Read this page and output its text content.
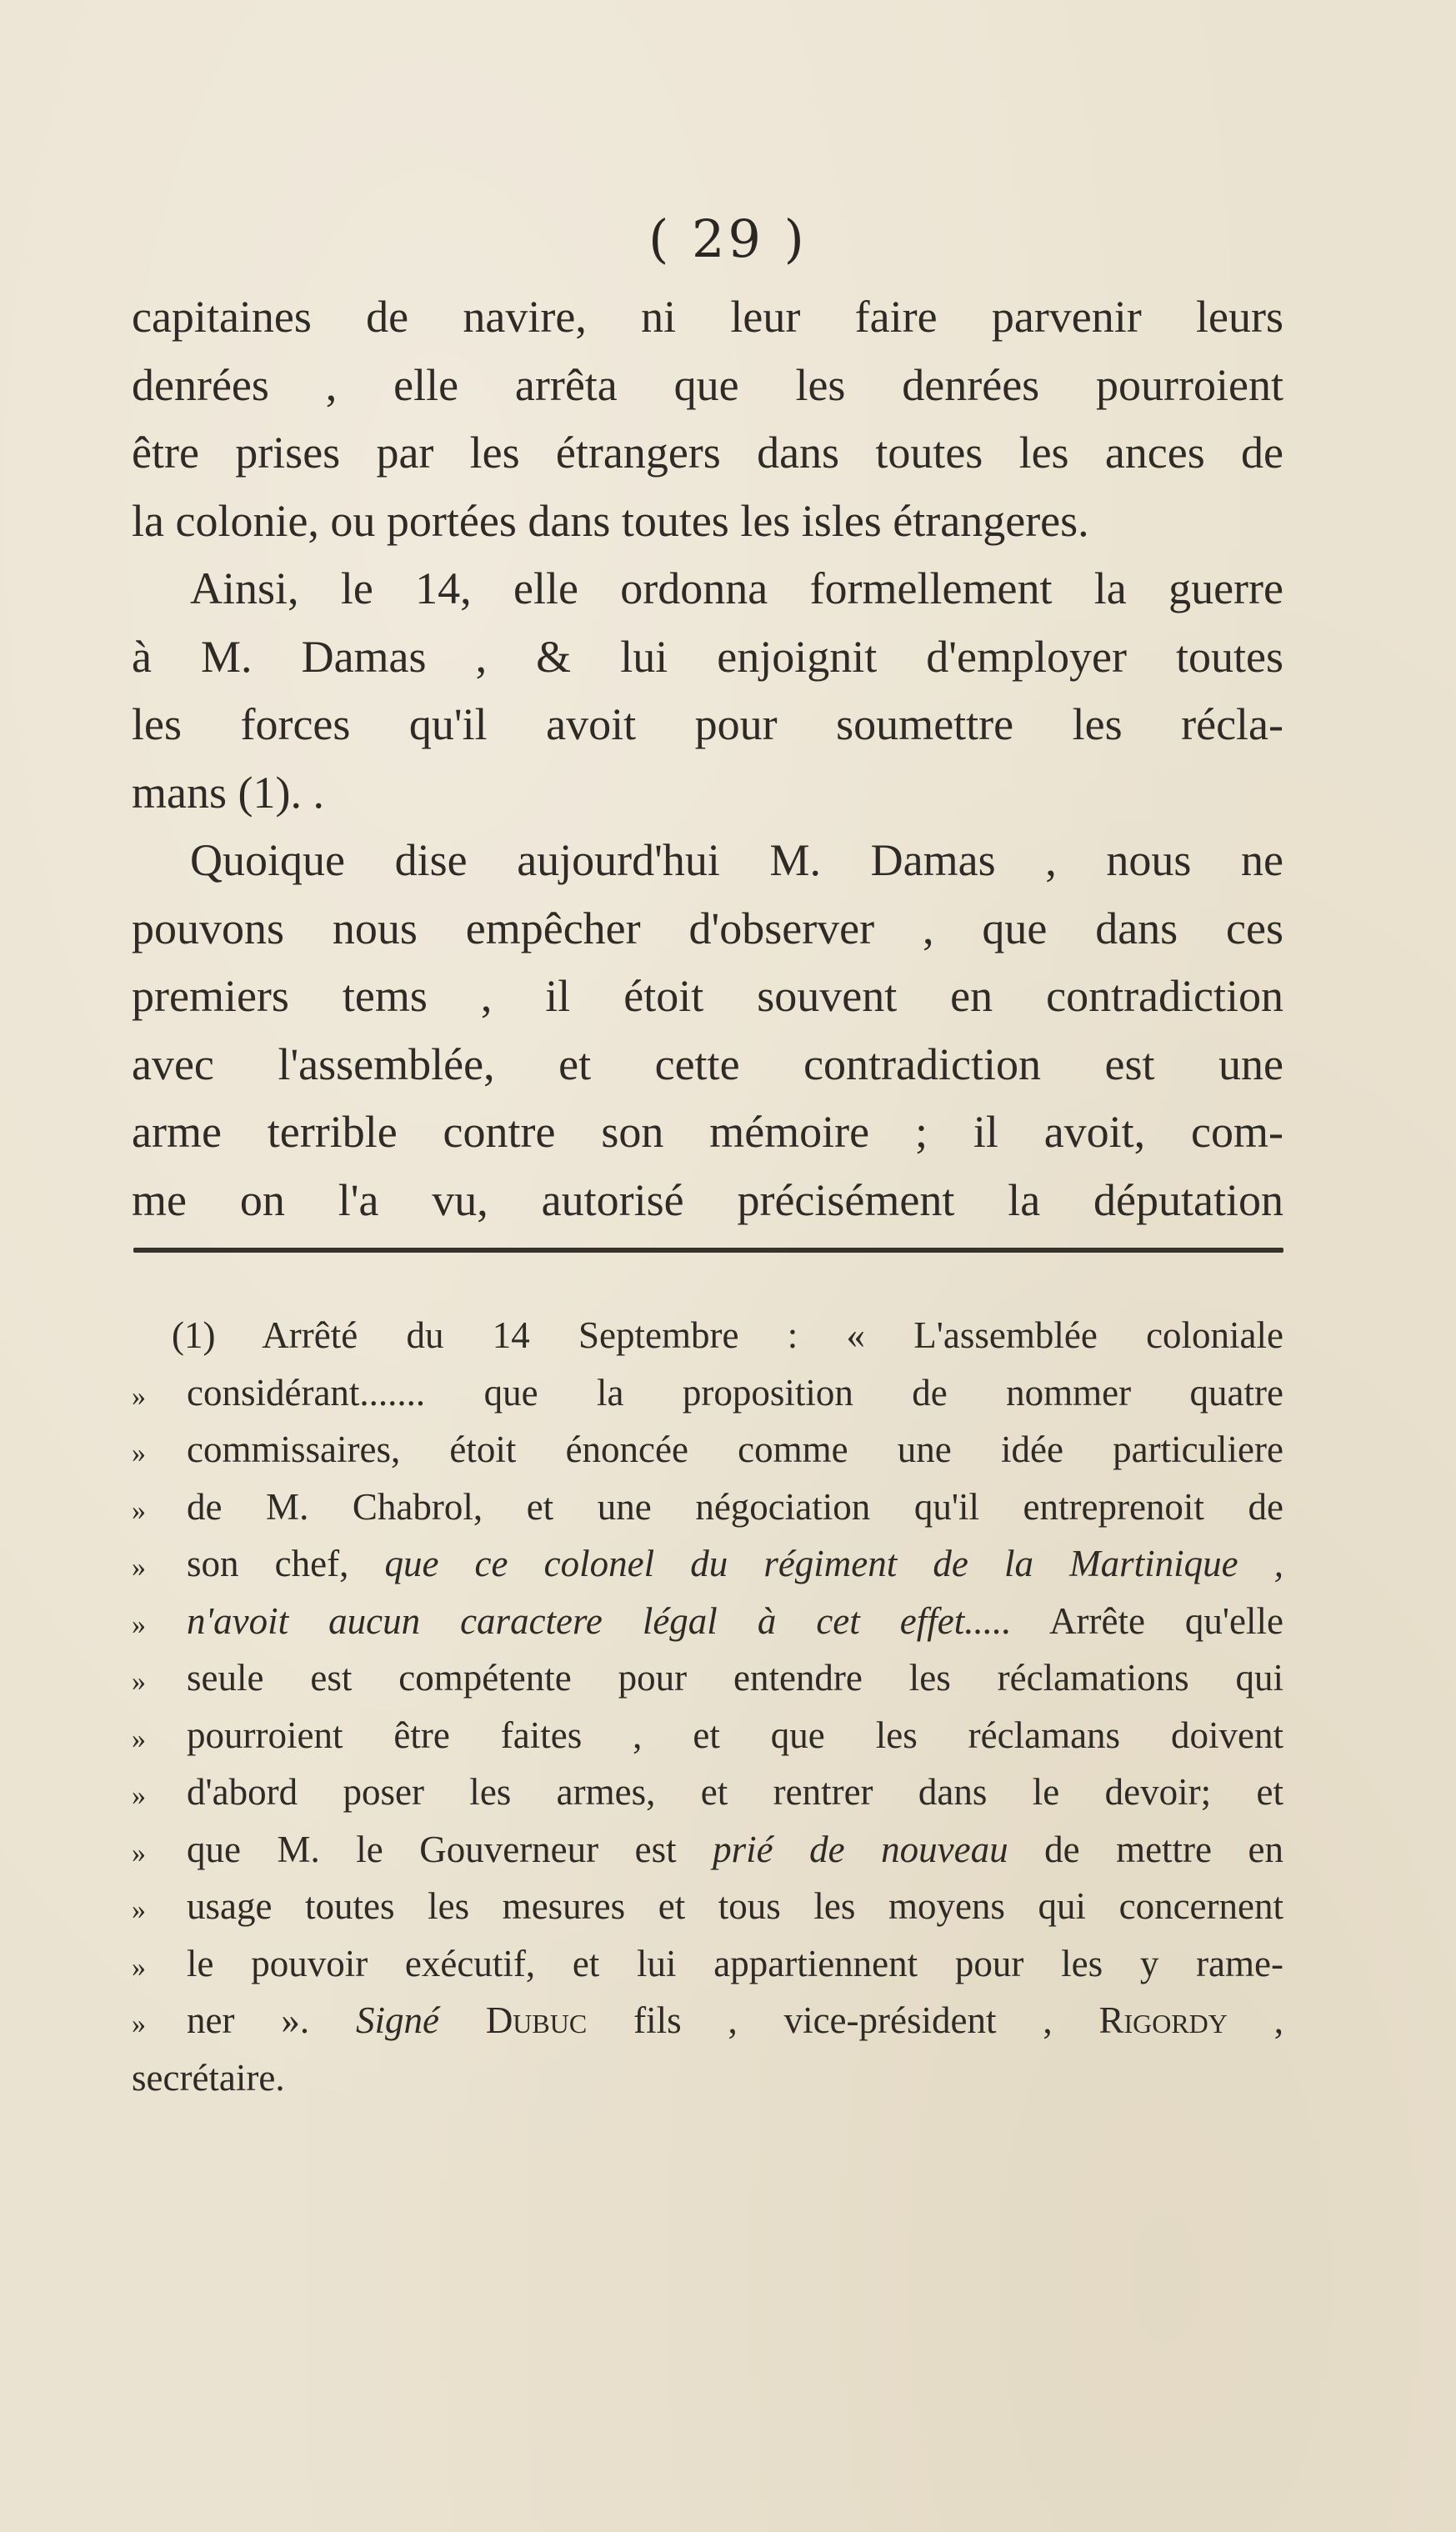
( 29 )
capitaines de navire, ni leur faire parvenir leurs
denrées , elle arrêta que les denrées pourroient
être prises par les étrangers dans toutes les ances de
la colonie, ou portées dans toutes les isles étrangeres.
Ainsi, le 14, elle ordonna formellement la guerre
à M. Damas , & lui enjoignit d'employer toutes
les forces qu'il avoit pour soumettre les récla-
mans (1). .
Quoique dise aujourd'hui M. Damas , nous ne
pouvons nous empêcher d'observer , que dans ces
premiers tems , il étoit souvent en contradiction
avec l'assemblée, et cette contradiction est une
arme terrible contre son mémoire ; il avoit, com-
me on l'a vu, autorisé précisément la députation
(1) Arrêté du 14 Septembre : « L'assemblée coloniale
»	considérant....... que la proposition de nommer quatre
»	commissaires, étoit énoncée comme une idée particuliere
»	de M. Chabrol, et une négociation qu'il entreprenoit de
»	son chef, que ce colonel du régiment de la Martinique ,
»	n'avoit aucun caractere légal à cet effet..... Arrête qu'elle
»	seule est compétente pour entendre les réclamations qui
»	pourroient être faites , et que les réclamans doivent
»	d'abord poser les armes, et rentrer dans le devoir; et
»	que M. le Gouverneur est prié de nouveau de mettre en
»	usage toutes les mesures et tous les moyens qui concernent
»	le pouvoir exécutif, et lui appartiennent pour les y rame-
»	ner ». Signé Dubuc fils , vice-président , Rigordy ,
secrétaire.
